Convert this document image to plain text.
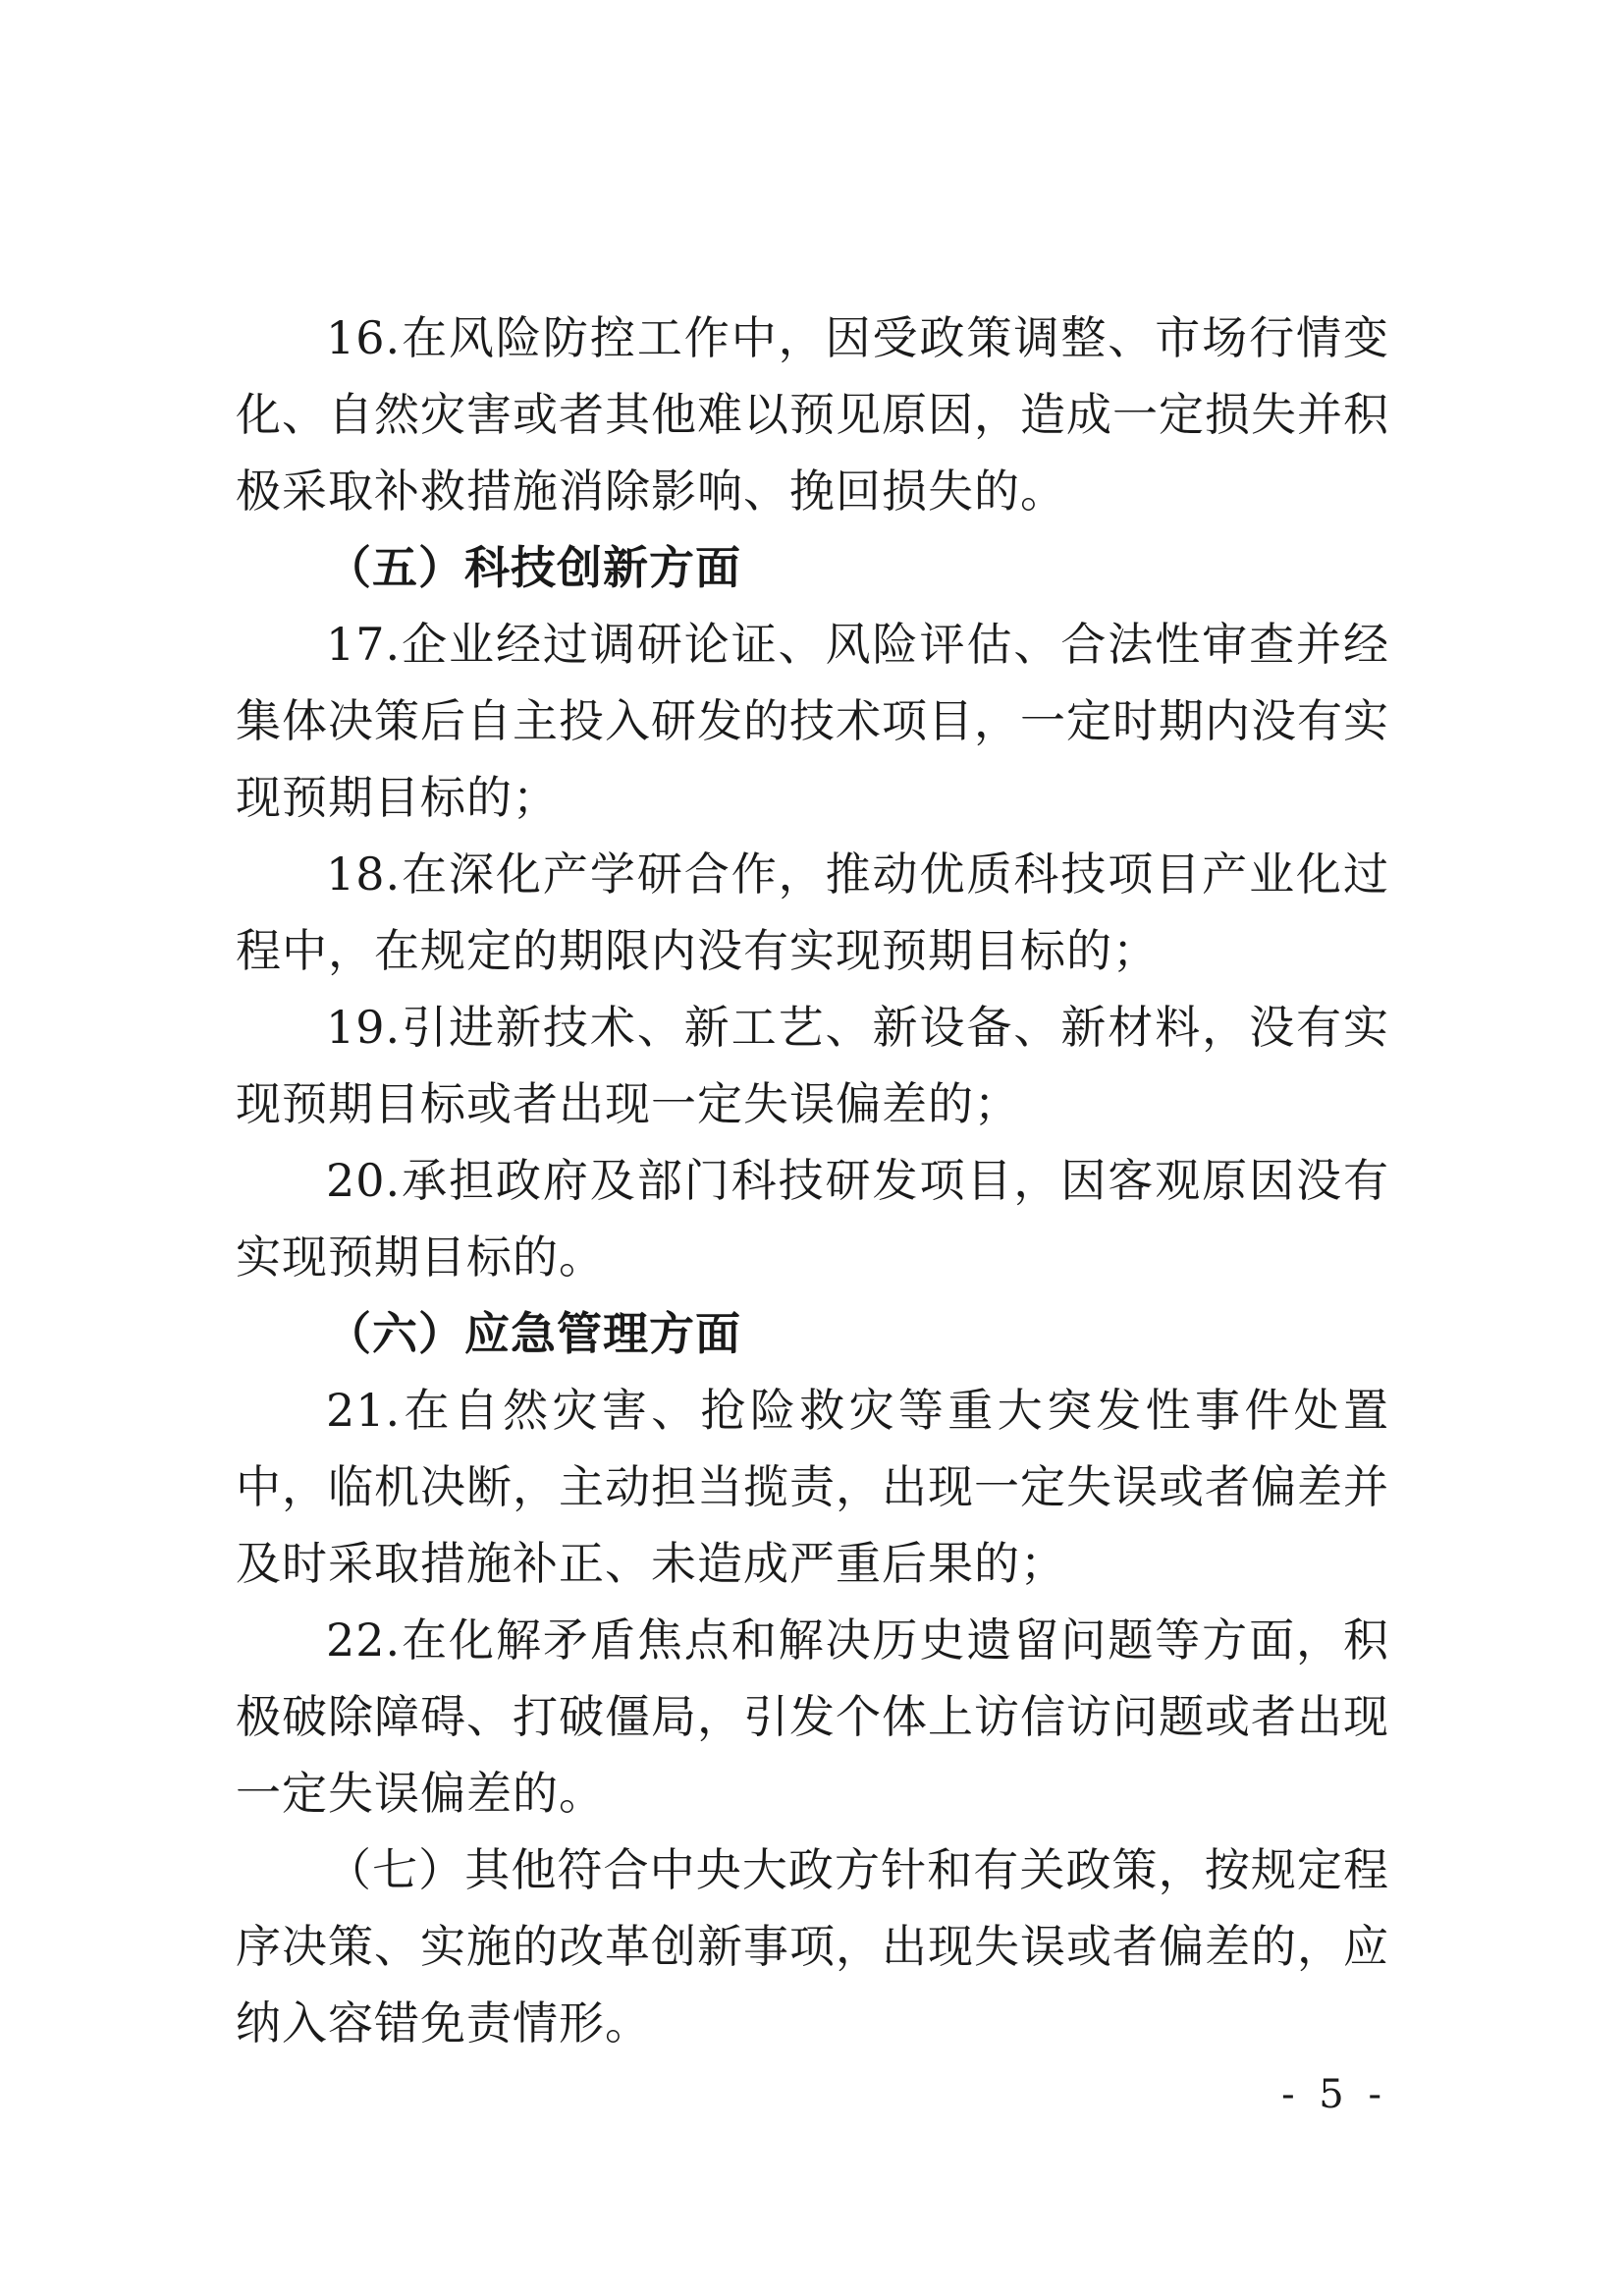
16.在风险防控工作中，因受政策调整、市场行情变化、自然灾害或者其他难以预见原因，造成一定损失并积极采取补救措施消除影响、挽回损失的。

（五）科技创新方面

17.企业经过调研论证、风险评估、合法性审查并经集体决策后自主投入研发的技术项目，一定时期内没有实现预期目标的；

18.在深化产学研合作，推动优质科技项目产业化过程中，在规定的期限内没有实现预期目标的；

19.引进新技术、新工艺、新设备、新材料，没有实现预期目标或者出现一定失误偏差的；

20.承担政府及部门科技研发项目，因客观原因没有实现预期目标的。

（六）应急管理方面

21.在自然灾害、抢险救灾等重大突发性事件处置中，临机决断，主动担当揽责，出现一定失误或者偏差并及时采取措施补正、未造成严重后果的；

22.在化解矛盾焦点和解决历史遗留问题等方面，积极破除障碍、打破僵局，引发个体上访信访问题或者出现一定失误偏差的。

（七）其他符合中央大政方针和有关政策，按规定程序决策、实施的改革创新事项，出现失误或者偏差的，应纳入容错免责情形。

- 5 -
